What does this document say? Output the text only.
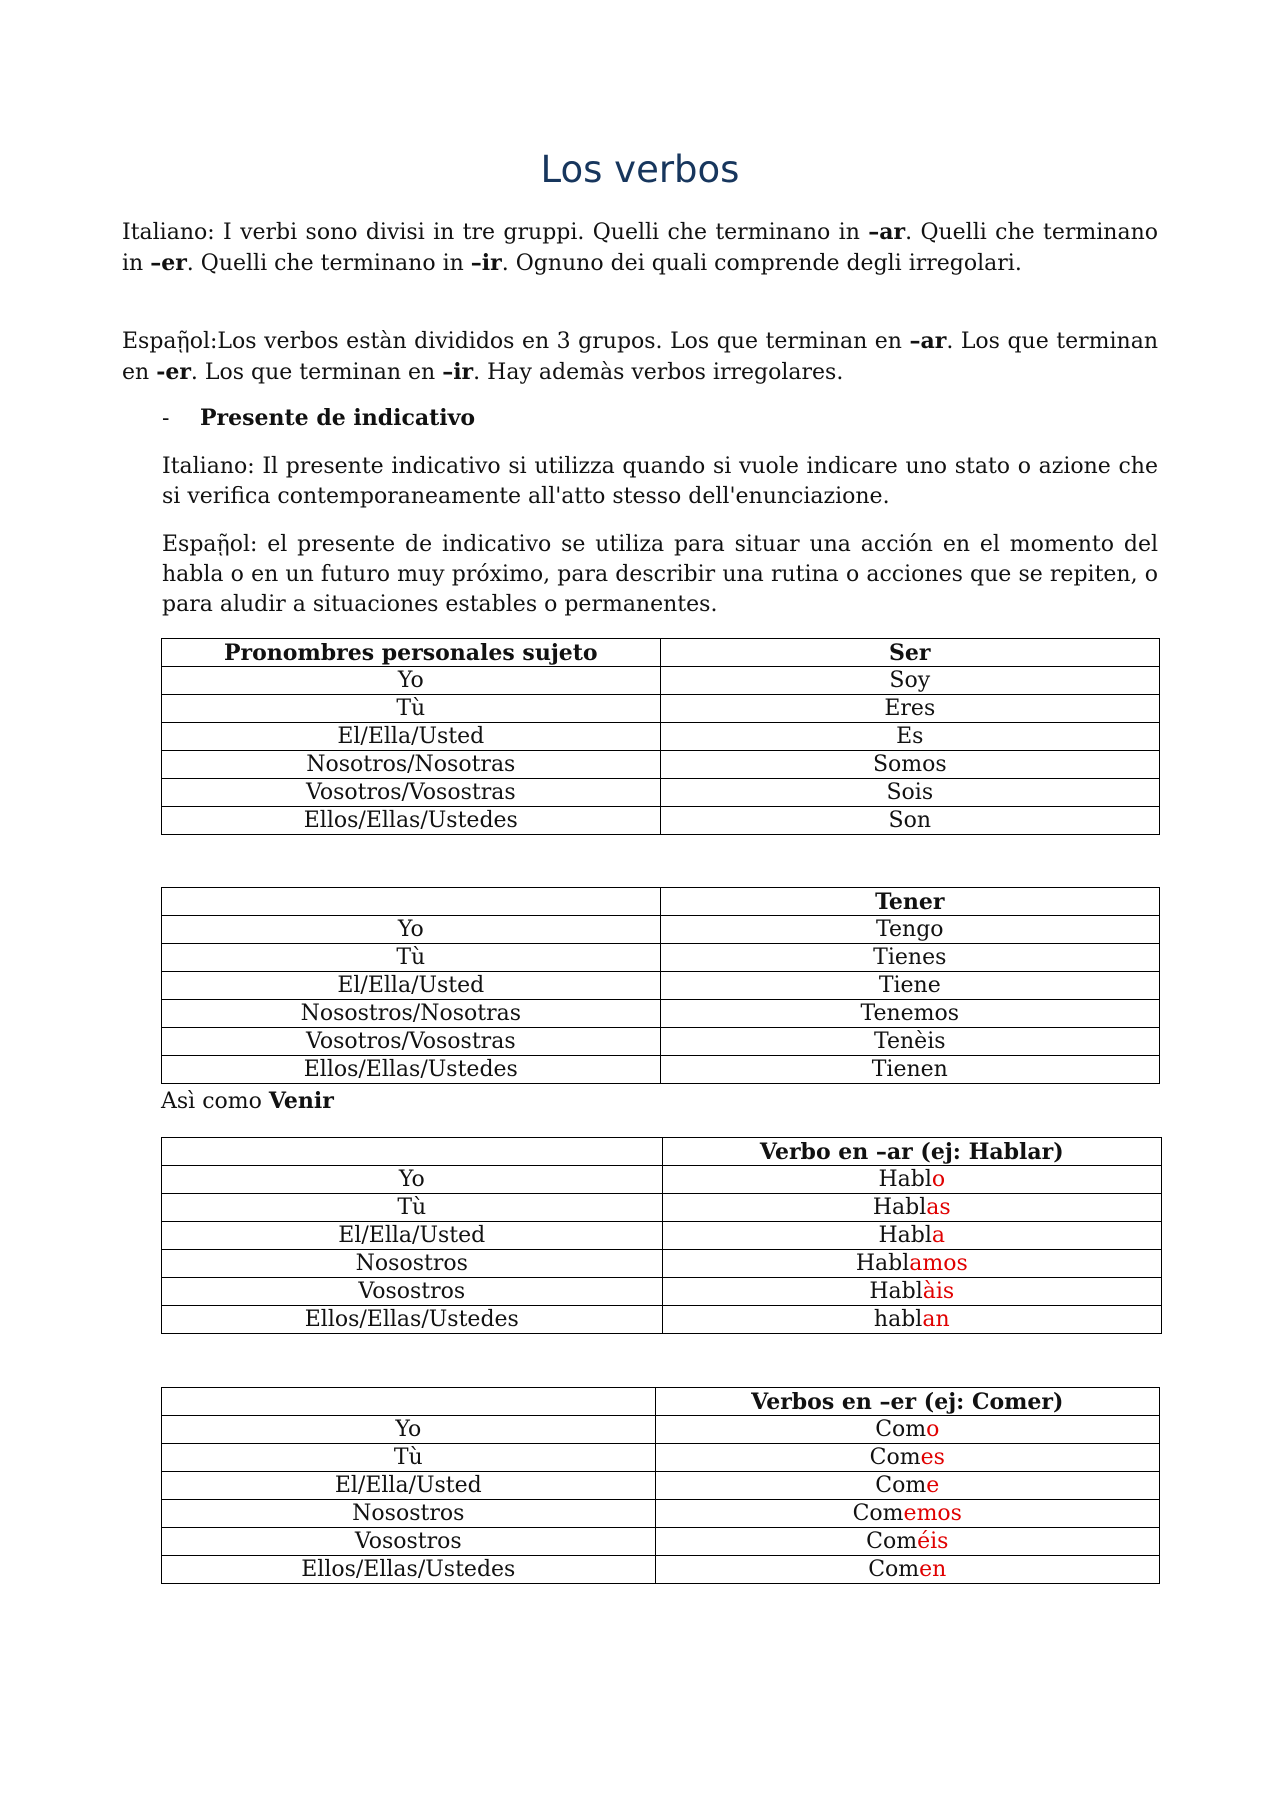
Los verbos

Italiano: I verbi sono divisi in tre gruppi. Quelli che terminano in –ar. Quelli che terminano in –er. Quelli che terminano in –ir. Ognuno dei quali comprende degli irregolari.

Espaῇol:Los verbos estàn divididos en 3 grupos. Los que terminan en –ar. Los que terminan en -er. Los que terminan en –ir. Hay ademàs verbos irregolares.

- Presente de indicativo

Italiano: Il presente indicativo si utilizza quando si vuole indicare uno stato o azione che si verifica contemporaneamente all'atto stesso dell'enunciazione.

Espaῇol: el presente de indicativo se utiliza para situar una acción en el momento del habla o en un futuro muy próximo, para describir una rutina o acciones que se repiten, o para aludir a situaciones estables o permanentes.

Pronombres personales sujeto	Ser
Yo	Soy
Tù	Eres
El/Ella/Usted	Es
Nosotros/Nosotras	Somos
Vosotros/Vosostras	Sois
Ellos/Ellas/Ustedes	Son
	Tener
Yo	Tengo
Tù	Tienes
El/Ella/Usted	Tiene
Nosostros/Nosotras	Tenemos
Vosotros/Vosostras	Tenèis
Ellos/Ellas/Ustedes	Tienen
Asì como Venir
	Verbo en –ar (ej: Hablar)
Yo	Hablo
Tù	Hablas
El/Ella/Usted	Habla
Nosostros	Hablamos
Vosostros	Hablàis
Ellos/Ellas/Ustedes	hablan
	Verbos en –er (ej: Comer)
Yo	Como
Tù	Comes
El/Ella/Usted	Come
Nosostros	Comemos
Vosostros	Coméis
Ellos/Ellas/Ustedes	Comen
